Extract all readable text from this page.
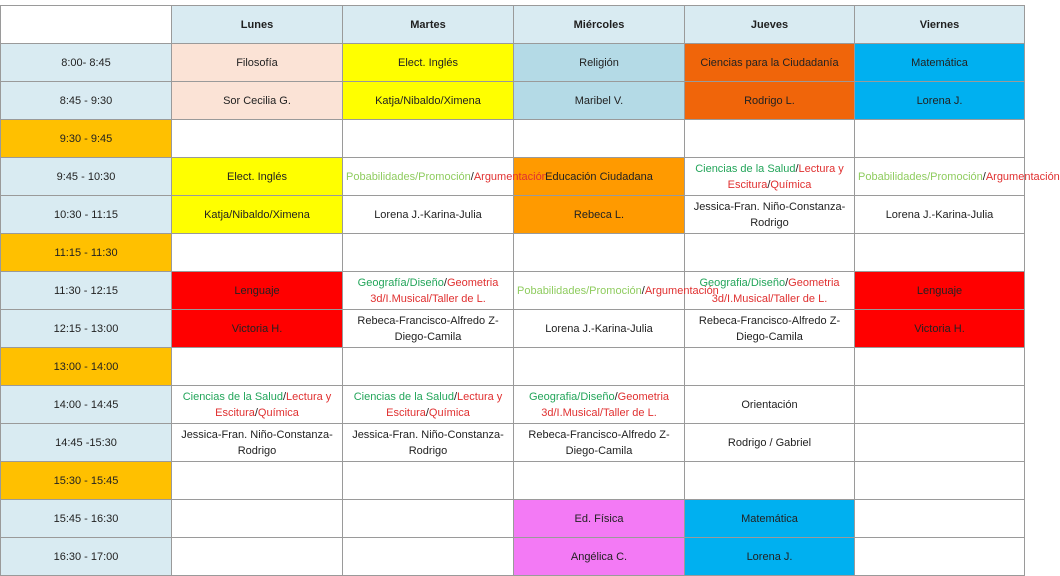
	Lunes	Martes	Miércoles	Jueves	Viernes
8:00- 8:45	Filosofía	Elect. Inglés	Religión	Ciencias para la Ciudadanía	Matemática
8:45 - 9:30	Sor Cecilia G.	Katja/Nibaldo/Ximena	Maribel V.	Rodrigo L.	Lorena J.
9:30 - 9:45					
9:45 - 10:30	Elect. Inglés	Pobabilidades/Promoción/Argumentación	Educación Ciudadana	Ciencias de la Salud/Lectura y Escitura/Química	Pobabilidades/Promoción/Argumentación
10:30 - 11:15	Katja/Nibaldo/Ximena	Lorena J.-Karina-Julia	Rebeca L.	Jessica-Fran. Niño-Constanza-Rodrigo	Lorena J.-Karina-Julia
11:15 - 11:30					
11:30 - 12:15	Lenguaje	Geografía/Diseño/Geometria 3d/I.Musical/Taller de L.	Pobabilidades/Promoción/Argumentación	Geografia/Diseño/Geometria 3d/I.Musical/Taller de L.	Lenguaje
12:15 - 13:00	Victoria H.	Rebeca-Francisco-Alfredo Z-Diego-Camila	Lorena J.-Karina-Julia	Rebeca-Francisco-Alfredo Z-Diego-Camila	Victoria H.
13:00 - 14:00					
14:00 - 14:45	Ciencias de la Salud/Lectura y Escitura/Química	Ciencias de la Salud/Lectura y Escitura/Química	Geografia/Diseño/Geometria 3d/I.Musical/Taller de L.	Orientación	
14:45 -15:30	Jessica-Fran. Niño-Constanza-Rodrigo	Jessica-Fran. Niño-Constanza-Rodrigo	Rebeca-Francisco-Alfredo Z-Diego-Camila	Rodrigo / Gabriel	
15:30 - 15:45					
15:45 - 16:30			Ed. Física	Matemática	
16:30 - 17:00			Angélica C.	Lorena J.	
